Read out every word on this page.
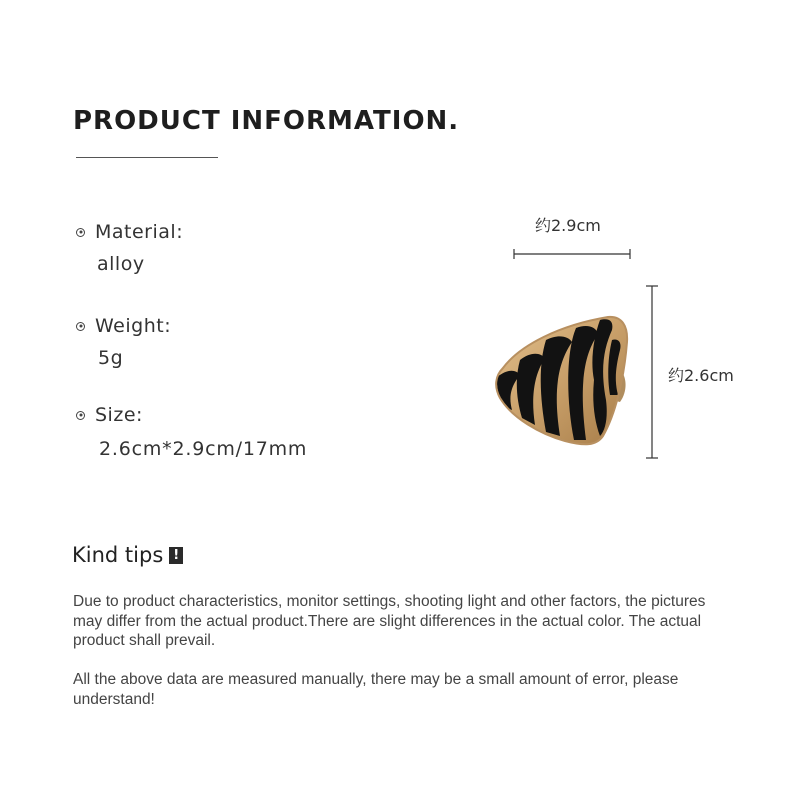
PRODUCT INFORMATION.
Material:
alloy
Weight:
5g
Size:
2.6cm*2.9cm/17mm
约2.9cm
约2.6cm
Kind tips !

Due to product characteristics, monitor settings, shooting light and other factors, the pictures may differ from the actual product.There are slight differences in the actual color. The actual product shall prevail.

All the above data are measured manually, there may be a small amount of error, please understand!
